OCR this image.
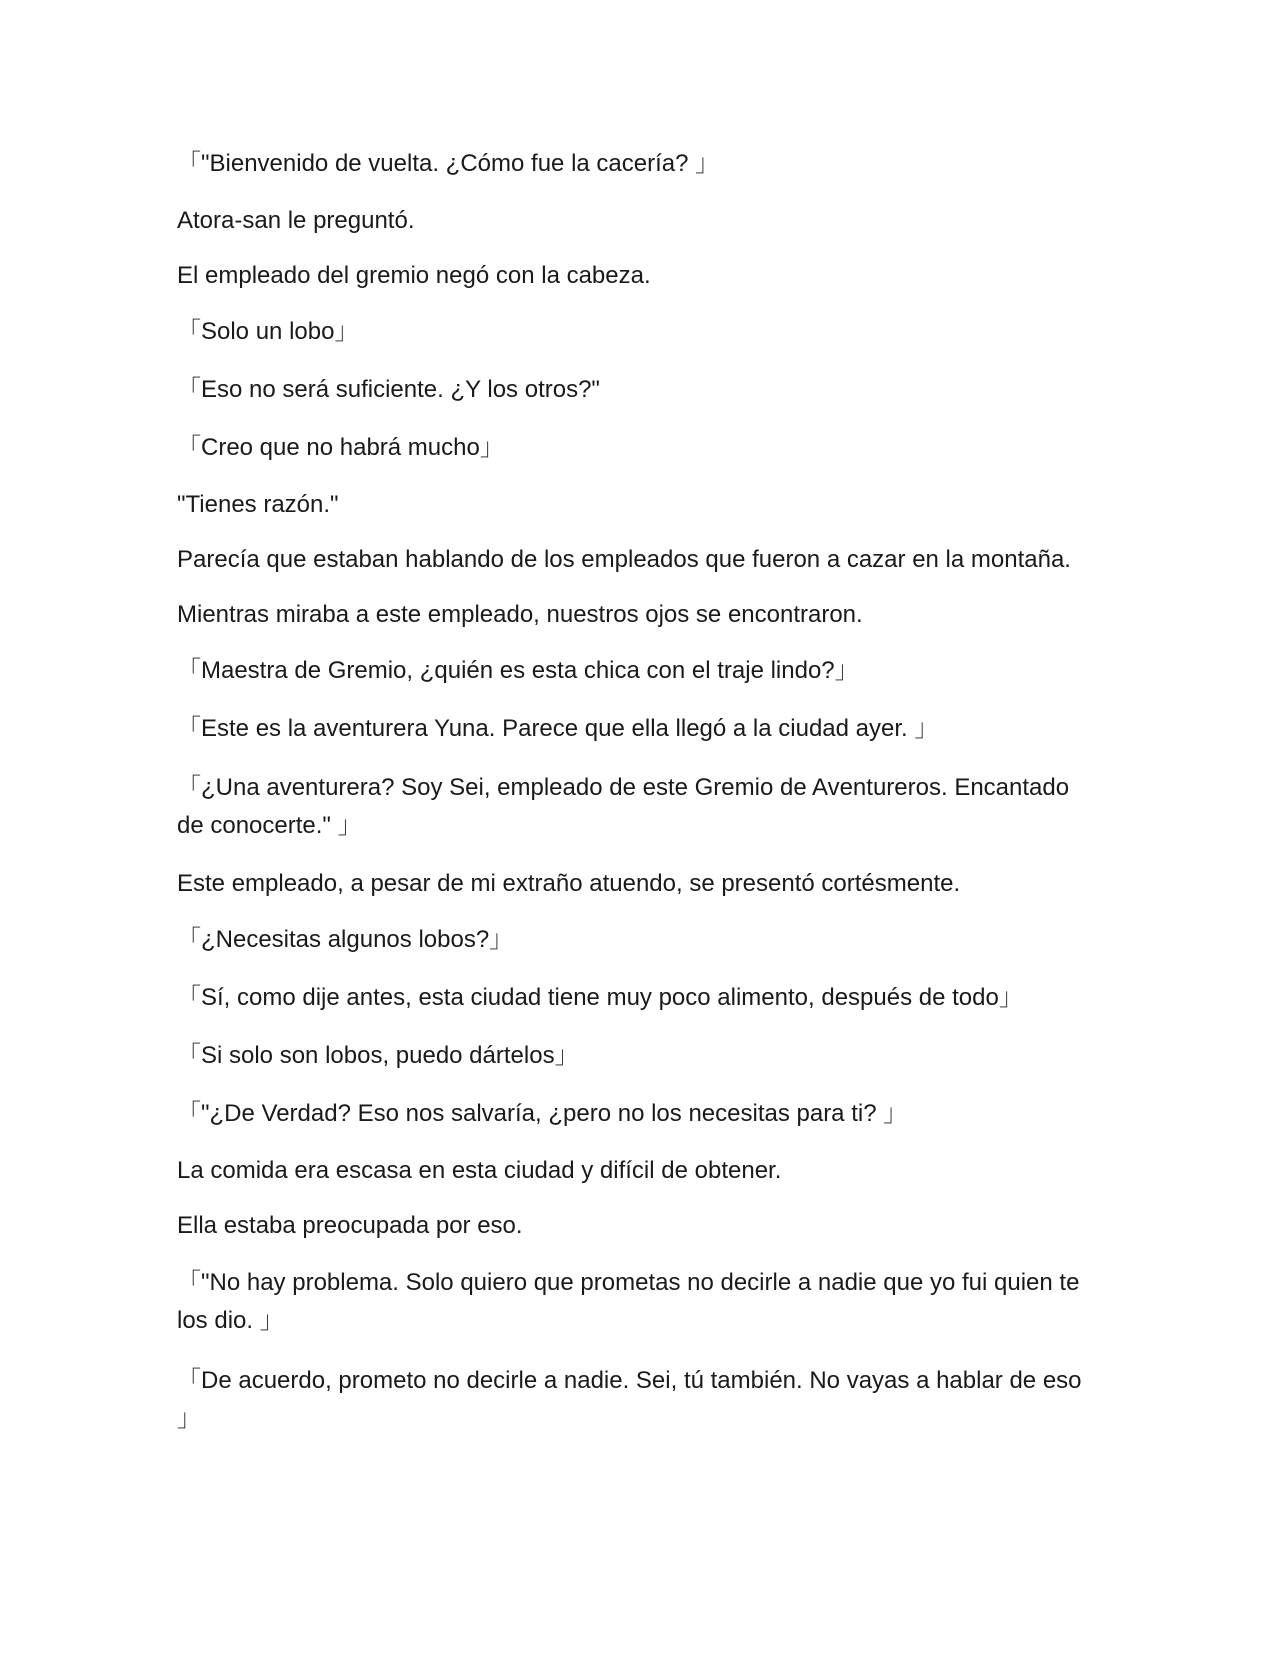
「"Bienvenido de vuelta. ¿Cómo fue la cacería? 」

Atora-san le preguntó.

El empleado del gremio negó con la cabeza.

「Solo un lobo」

「Eso no será suficiente. ¿Y los otros?"

「Creo que no habrá mucho」

"Tienes razón."

Parecía que estaban hablando de los empleados que fueron a cazar en la montaña.

Mientras miraba a este empleado, nuestros ojos se encontraron.

「Maestra de Gremio, ¿quién es esta chica con el traje lindo?」

「Este es la aventurera Yuna. Parece que ella llegó a la ciudad ayer. 」

「¿Una aventurera? Soy Sei, empleado de este Gremio de Aventureros. Encantado de conocerte." 」

Este empleado, a pesar de mi extraño atuendo, se presentó cortésmente.

「¿Necesitas algunos lobos?」

「Sí, como dije antes, esta ciudad tiene muy poco alimento, después de todo」

「Si solo son lobos, puedo dártelos」

「"¿De Verdad? Eso nos salvaría, ¿pero no los necesitas para ti? 」

La comida era escasa en esta ciudad y difícil de obtener.

Ella estaba preocupada por eso.

「"No hay problema. Solo quiero que prometas no decirle a nadie que yo fui quien te los dio. 」

「De acuerdo, prometo no decirle a nadie. Sei, tú también. No vayas a hablar de eso 」
